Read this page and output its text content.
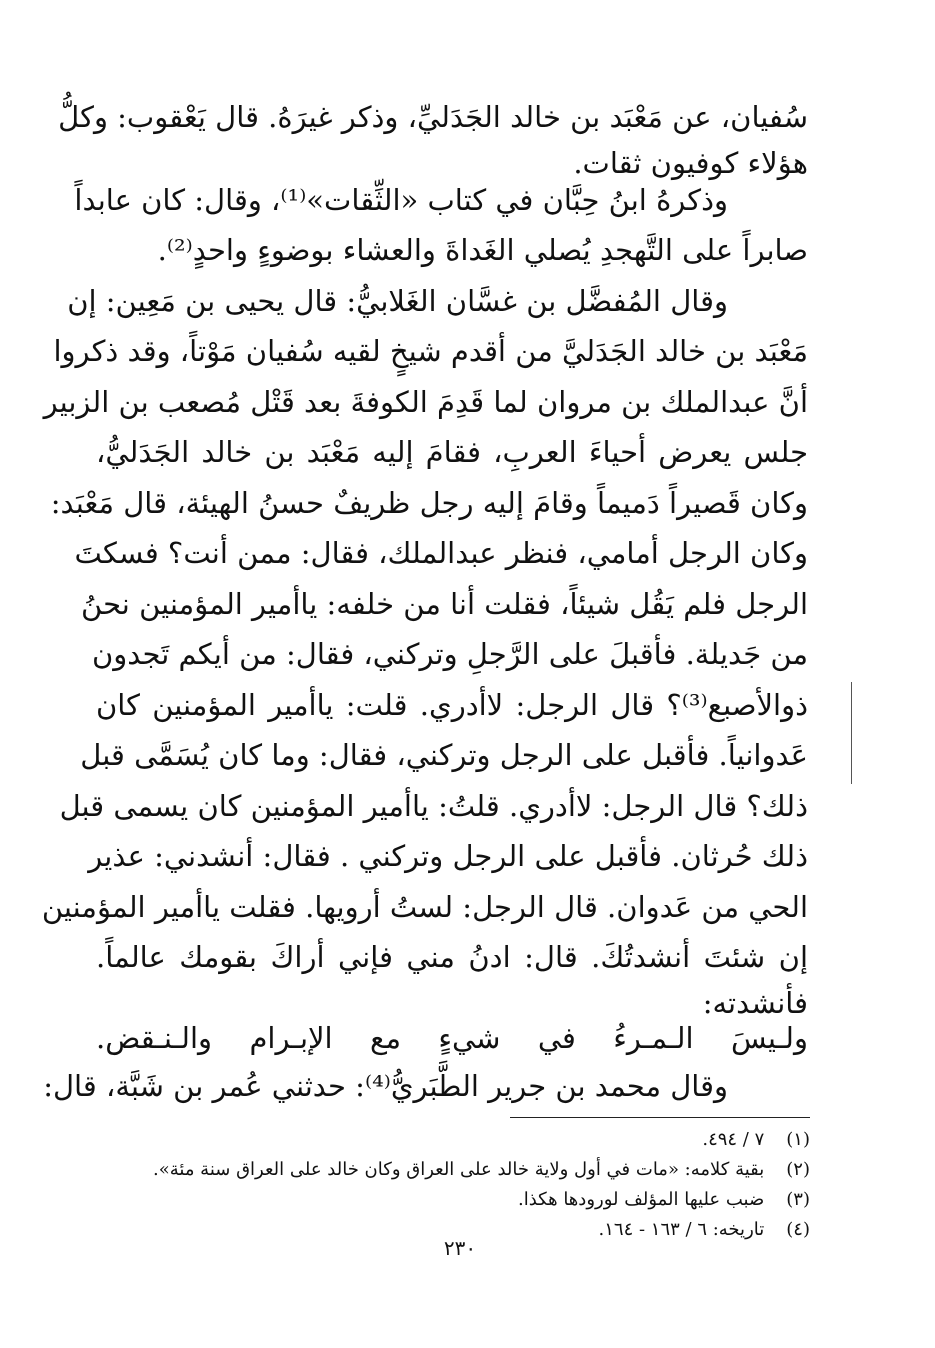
سُفيان، عن مَعْبَد بن خالد الجَدَليِّ، وذكر غيرَهُ. قال يَعْقوب: وكلُّ
هؤلاء كوفيون ثقات.
وذكرهُ ابنُ حِبَّان في كتاب «الثِّقات»⁽¹⁾، وقال: كان عابداً
صابراً على التَّهجدِ يُصلي الغَداةَ والعشاء بوضوءٍ واحدٍ⁽²⁾.
وقال المُفضَّل بن غسَّان الغَلابيُّ: قال يحيى بن مَعِين: إن
مَعْبَد بن خالد الجَدَليَّ من أقدم شيخٍ لقيه سُفيان مَوْتاً، وقد ذكروا
أنَّ عبدالملك بن مروان لما قَدِمَ الكوفةَ بعد قَتْل مُصعب بن الزبير
جلس يعرض أحياءَ العربِ، فقامَ إليه مَعْبَد بن خالد الجَدَليُّ،
وكان قَصيراً دَميماً وقامَ إليه رجل ظريفٌ حسنُ الهيئة، قال مَعْبَد:
وكان الرجل أمامي، فنظر عبدالملك، فقال: ممن أنت؟ فسكتَ
الرجل فلم يَقُل شيئاً، فقلت أنا من خلفه: ياأمير المؤمنين نحنُ
من جَديلة. فأقبلَ على الرَّجلِ وتركني، فقال: من أيكم تَجدون
ذوالأصبع⁽³⁾؟ قال الرجل: لاأدري. قلت: ياأمير المؤمنين كان
عَدوانياً. فأقبل على الرجل وتركني، فقال: وما كان يُسَمَّى قبل
ذلك؟ قال الرجل: لاأدري. قلتُ: ياأمير المؤمنين كان يسمى قبل
ذلك حُرثان. فأقبل على الرجل وتركني . فقال: أنشدني: عذير
الحي من عَدوان. قال الرجل: لستُ أرويها. فقلت ياأمير المؤمنين
إن شئتَ أنشدتُكَ. قال: ادنُ مني فإني أراكَ بقومك عالماً.
فأنشدته:
ولـيسَ الـمـرءُ في شيءٍ مع الإبـرام والـنـقض.
وقال محمد بن جرير الطَّبَريُّ⁽⁴⁾: حدثني عُمر بن شَبَّة، قال:
(١) ٧ / ٤٩٤.
(٢) بقية كلامه: «مات في أول ولاية خالد على العراق وكان خالد على العراق سنة مئة».
(٣) ضبب عليها المؤلف لورودها هكذا.
(٤) تاريخه: ٦ / ١٦٣ - ١٦٤.
٢٣٠
